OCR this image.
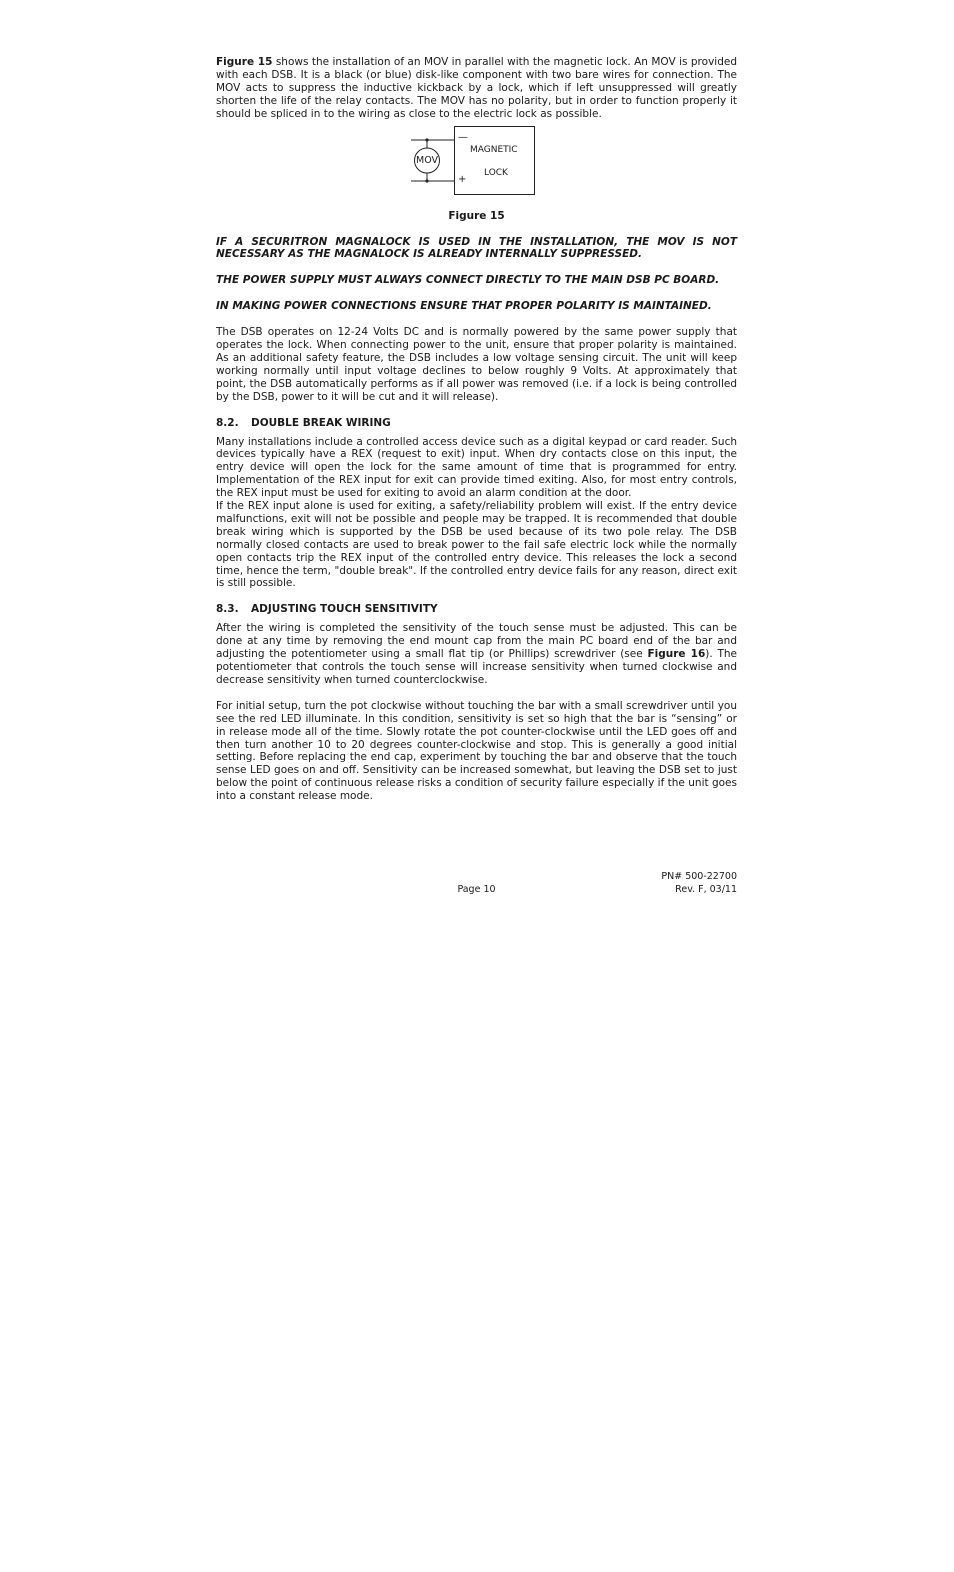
Figure 15 shows the installation of an MOV in parallel with the magnetic lock. An MOV is provided with each DSB. It is a black (or blue) disk-like component with two bare wires for connection. The MOV acts to suppress the inductive kickback by a lock, which if left unsuppressed will greatly shorten the life of the relay contacts. The MOV has no polarity, but in order to function properly it should be spliced in to the wiring as close to the electric lock as possible.

MOV
—
+
MAGNETIC
LOCK
Figure 15

IF A SECURITRON MAGNALOCK IS USED IN THE INSTALLATION, THE MOV IS NOT NECESSARY AS THE MAGNALOCK IS ALREADY INTERNALLY SUPPRESSED.

THE POWER SUPPLY MUST ALWAYS CONNECT DIRECTLY TO THE MAIN DSB PC BOARD.

IN MAKING POWER CONNECTIONS ENSURE THAT PROPER POLARITY IS MAINTAINED.

The DSB operates on 12-24 Volts DC and is normally powered by the same power supply that operates the lock. When connecting power to the unit, ensure that proper polarity is maintained. As an additional safety feature, the DSB includes a low voltage sensing circuit. The unit will keep working normally until input voltage declines to below roughly 9 Volts. At approximately that point, the DSB automatically performs as if all power was removed (i.e. if a lock is being controlled by the DSB, power to it will be cut and it will release).

8.2. DOUBLE BREAK WIRING

Many installations include a controlled access device such as a digital keypad or card reader. Such devices typically have a REX (request to exit) input. When dry contacts close on this input, the entry device will open the lock for the same amount of time that is programmed for entry. Implementation of the REX input for exit can provide timed exiting. Also, for most entry controls, the REX input must be used for exiting to avoid an alarm condition at the door.

If the REX input alone is used for exiting, a safety/reliability problem will exist. If the entry device malfunctions, exit will not be possible and people may be trapped. It is recommended that double break wiring which is supported by the DSB be used because of its two pole relay. The DSB normally closed contacts are used to break power to the fail safe electric lock while the normally open contacts trip the REX input of the controlled entry device. This releases the lock a second time, hence the term, "double break". If the controlled entry device fails for any reason, direct exit is still possible.

8.3. ADJUSTING TOUCH SENSITIVITY

After the wiring is completed the sensitivity of the touch sense must be adjusted. This can be done at any time by removing the end mount cap from the main PC board end of the bar and adjusting the potentiometer using a small flat tip (or Phillips) screwdriver (see Figure 16). The potentiometer that controls the touch sense will increase sensitivity when turned clockwise and decrease sensitivity when turned counterclockwise.

For initial setup, turn the pot clockwise without touching the bar with a small screwdriver until you see the red LED illuminate. In this condition, sensitivity is set so high that the bar is “sensing” or in release mode all of the time. Slowly rotate the pot counter-clockwise until the LED goes off and then turn another 10 to 20 degrees counter-clockwise and stop. This is generally a good initial setting. Before replacing the end cap, experiment by touching the bar and observe that the touch sense LED goes on and off. Sensitivity can be increased somewhat, but leaving the DSB set to just below the point of continuous release risks a condition of security failure especially if the unit goes into a constant release mode.

PN# 500-22700
Page 10	Rev. F, 03/11
